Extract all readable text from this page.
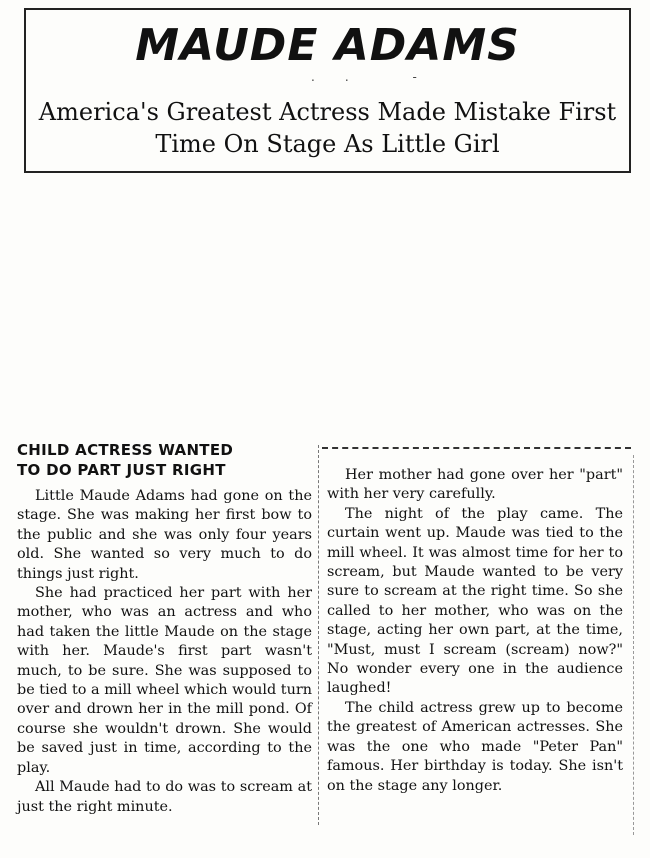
MAUDE ADAMS
.. -
America's Greatest Actress Made Mistake First
Time On Stage As Little Girl
CHILD ACTRESS WANTED
TO DO PART JUST RIGHT

Little Maude Adams had gone on the stage. She was making her first bow to the public and she was only four years old. She wanted so very much to do things just right.

She had practiced her part with her mother, who was an actress and who had taken the little Maude on the stage with her. Maude's first part wasn't much, to be sure. She was supposed to be tied to a mill wheel which would turn over and drown her in the mill pond. Of course she wouldn't drown. She would be saved just in time, according to the play.

All Maude had to do was to scream at just the right minute.

Her mother had gone over her "part" with her very carefully.

The night of the play came. The curtain went up. Maude was tied to the mill wheel. It was almost time for her to scream, but Maude wanted to be very sure to scream at the right time. So she called to her mother, who was on the stage, acting her own part, at the time, "Must, must I scream (scream) now?" No wonder every one in the audience laughed!

The child actress grew up to become the greatest of American actresses. She was the one who made "Peter Pan" famous. Her birthday is today. She isn't on the stage any longer.
